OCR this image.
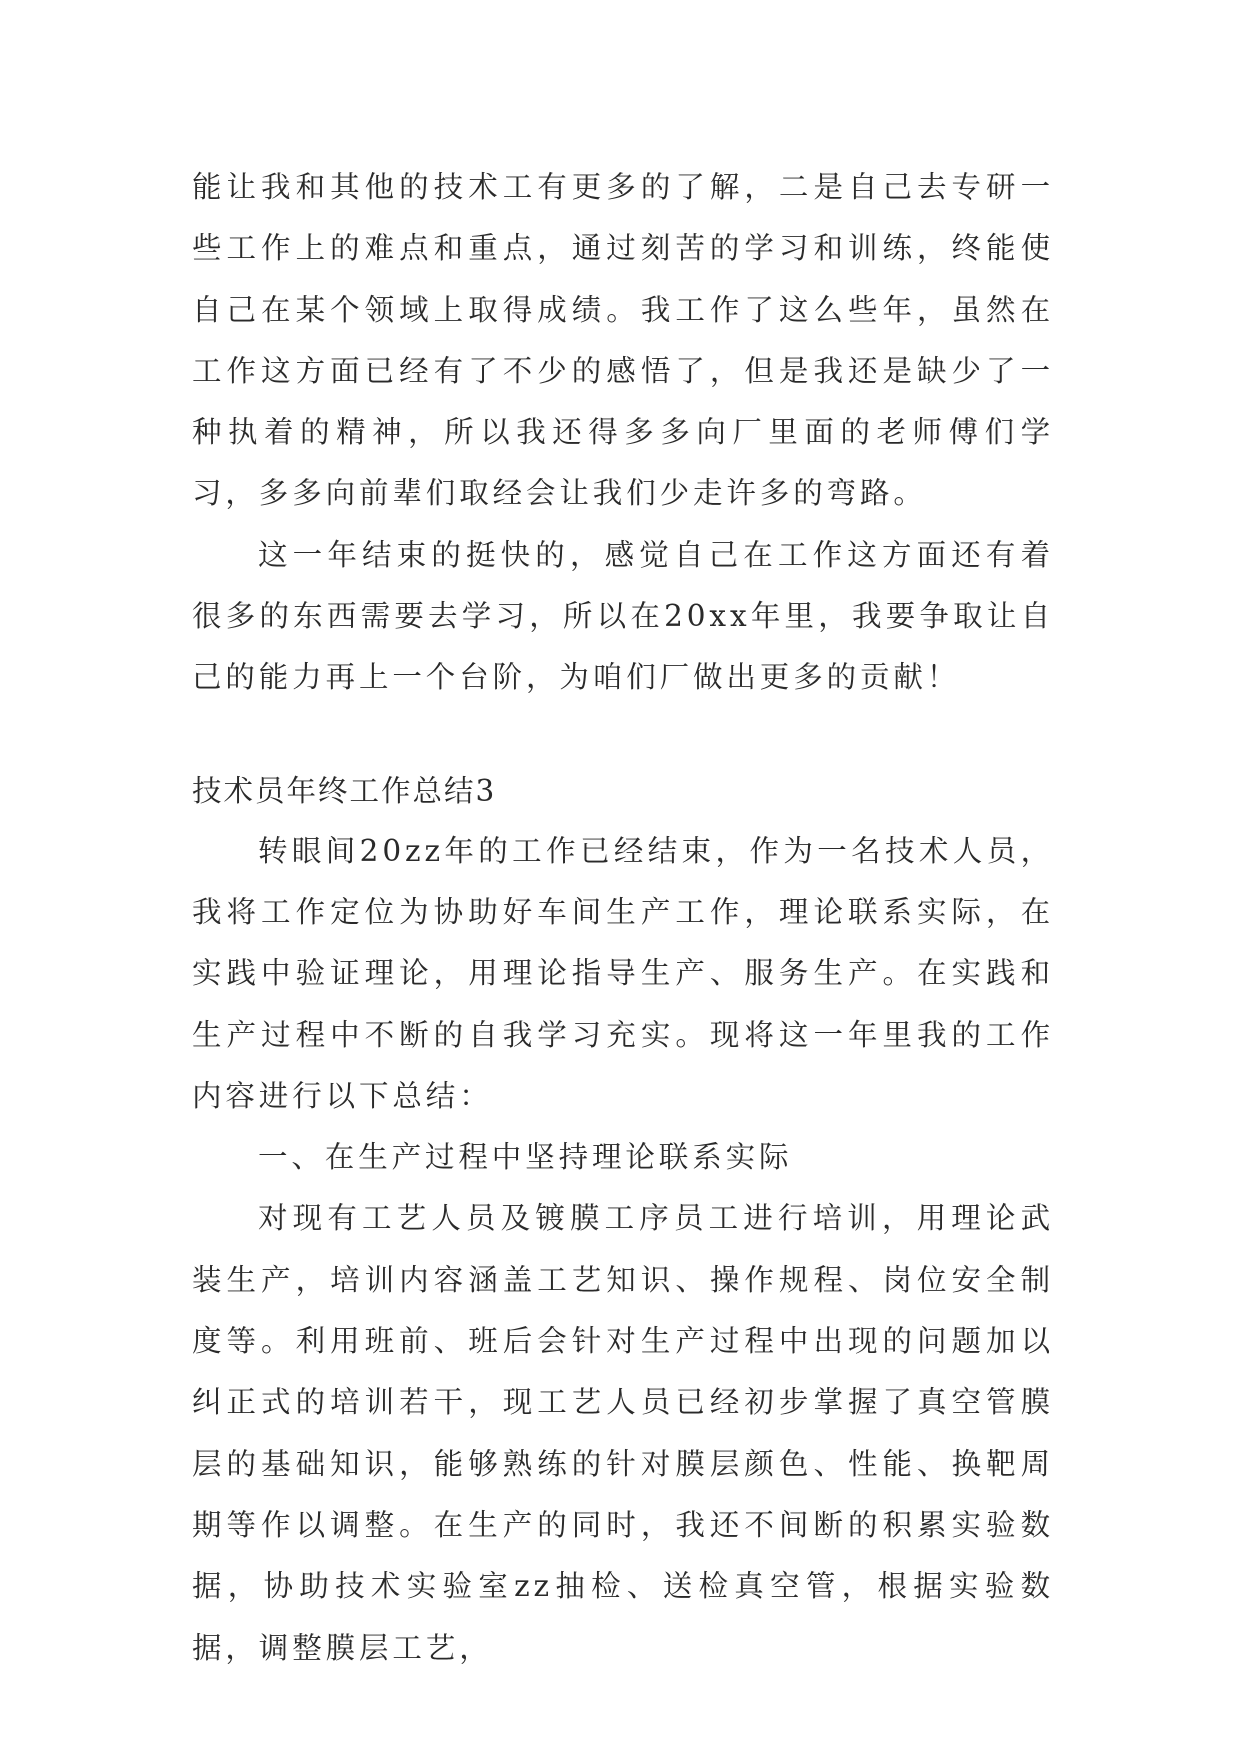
能让我和其他的技术工有更多的了解，二是自己去专研一些工作上的难点和重点，通过刻苦的学习和训练，终能使自己在某个领域上取得成绩。我工作了这么些年，虽然在工作这方面已经有了不少的感悟了，但是我还是缺少了一种执着的精神，所以我还得多多向厂里面的老师傅们学习，多多向前辈们取经会让我们少走许多的弯路。

这一年结束的挺快的，感觉自己在工作这方面还有着很多的东西需要去学习，所以在20xx年里，我要争取让自己的能力再上一个台阶，为咱们厂做出更多的贡献！

技术员年终工作总结3

转眼间20zz年的工作已经结束，作为一名技术人员，我将工作定位为协助好车间生产工作，理论联系实际，在实践中验证理论，用理论指导生产、服务生产。在实践和生产过程中不断的自我学习充实。现将这一年里我的工作内容进行以下总结：

一、在生产过程中坚持理论联系实际

对现有工艺人员及镀膜工序员工进行培训，用理论武装生产，培训内容涵盖工艺知识、操作规程、岗位安全制度等。利用班前、班后会针对生产过程中出现的问题加以纠正式的培训若干，现工艺人员已经初步掌握了真空管膜层的基础知识，能够熟练的针对膜层颜色、性能、换靶周期等作以调整。在生产的同时，我还不间断的积累实验数据，协助技术实验室zz抽检、送检真空管，根据实验数据，调整膜层工艺，
